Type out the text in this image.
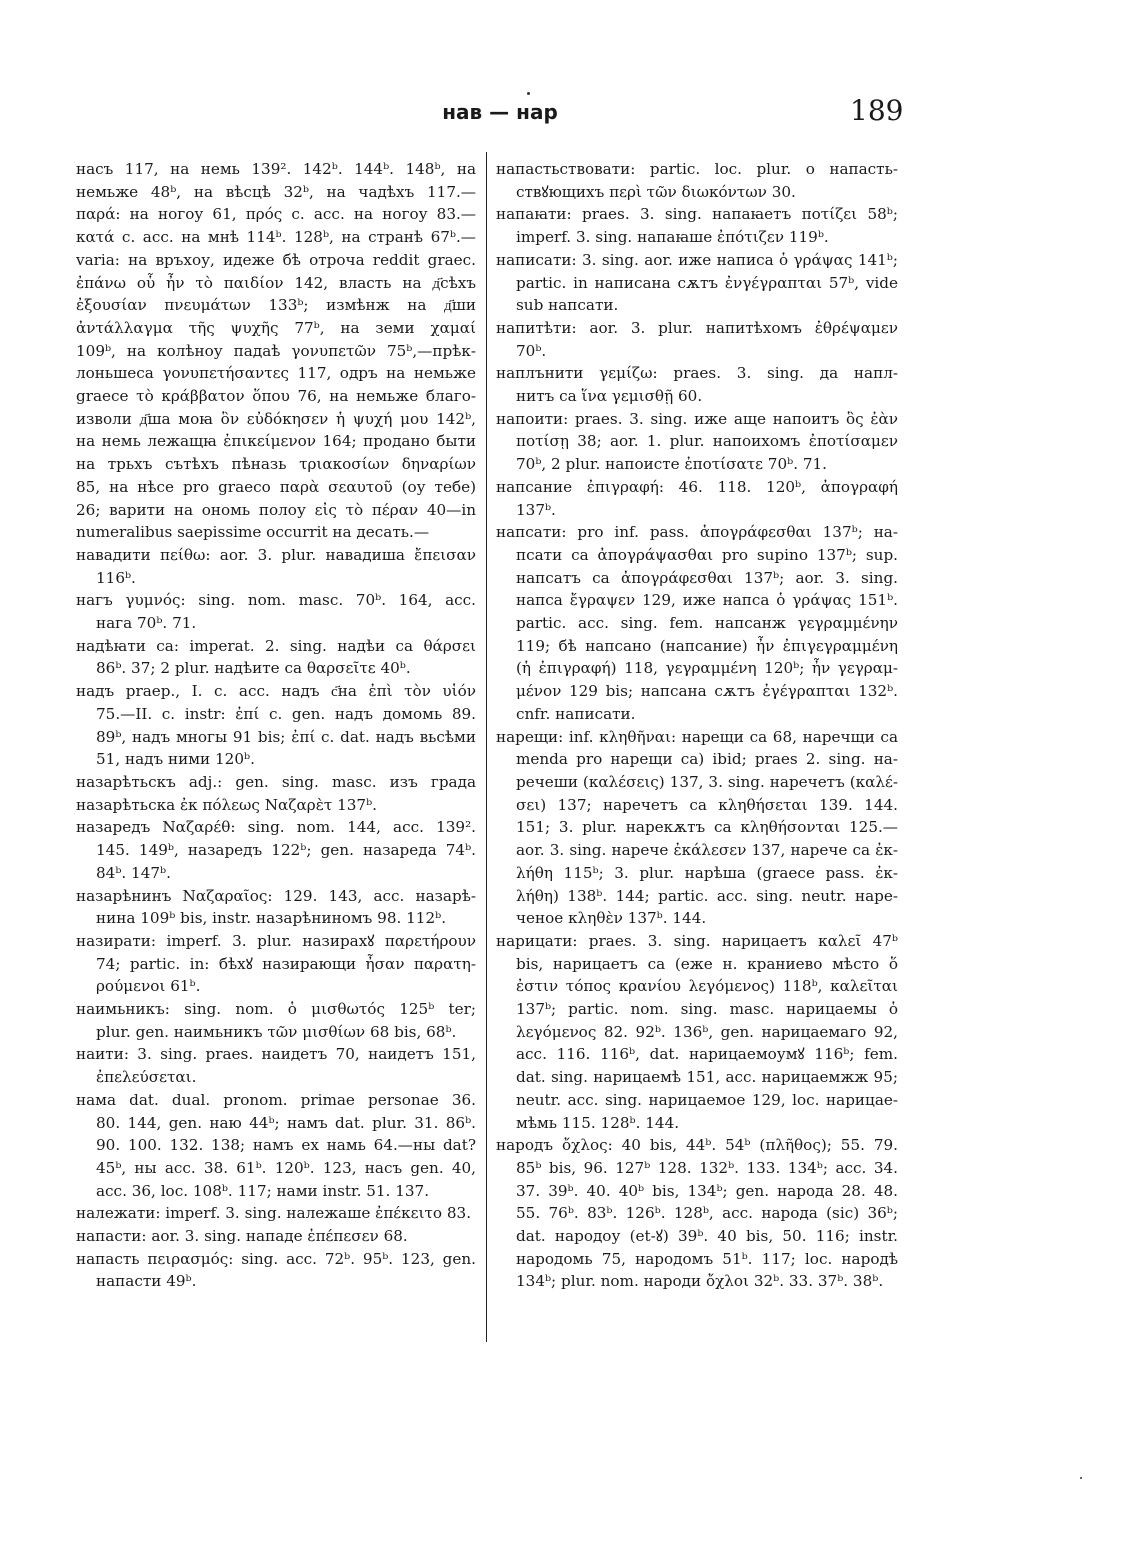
нав — нар	189
насъ 117, на немь 139². 142ᵇ. 144ᵇ. 148ᵇ, на
немьже 48ᵇ, на вѣсцѣ 32ᵇ, на чадѣхъ 117.—
παρά: на ногоу 61, πρός c. acc. на ногоу 83.—
κατά c. acc. на мнѣ 114ᵇ. 128ᵇ, на странѣ 67ᵇ.—
varia: на връхоу, идеже бѣ отроча reddit graec.
ἐπάνω οὗ ἦν τὸ παιδίον 142, власть на д҃сѣхъ
ἐξουσίαν πνευμάτων 133ᵇ; измѣнж на д҃ши
ἀντάλλαγμα τῆς ψυχῆς 77ᵇ, на земи χαμαί
109ᵇ, на колѣноу падаѣ γονυπετῶν 75ᵇ,—прѣк-
лоньшеса γονυπετήσαντες 117, одръ на немьже
graece τὸ κράββατον ὅπου 76, на немьже благо-
изволи д҃ша моꙗ ὃν εὐδόκησεν ἡ ψυχή μου 142ᵇ,
на немь лежащꙗ ἐπικείμενον 164; продано быти
на трьхъ сътѣхъ пѣназь τριακοσίων δηναρίων
85, на нѣсе pro graeco παρὰ σεαυτοῦ (оу тебе)
26; варити на ономь полоу εἰς τὸ πέραν 40—in
numeralibus saepissime occurrit на десать.—
навадити πείθω: aor. 3. plur. навадиша ἔπεισαν
116ᵇ.
нагъ γυμνός: sing. nom. masc. 70ᵇ. 164, acc.
нага 70ᵇ. 71.
надѣꙗти са: imperat. 2. sing. надѣи са θάρσει
86ᵇ. 37; 2 plur. надѣите са θαρσεῖτε 40ᵇ.
надъ praep., I. c. acc. надъ с҃на ἐπὶ τὸν υἱόν
75.—II. c. instr: ἐπί c. gen. надъ домомь 89.
89ᵇ, надъ многы 91 bis; ἐπί c. dat. надъ вьсѣми
51, надъ ними 120ᵇ.
назарѣтьскъ adj.: gen. sing. masc. изъ града
назарѣтьска ἐκ πόλεως Ναζαρὲτ 137ᵇ.
назаредъ Ναζαρέθ: sing. nom. 144, acc. 139².
145. 149ᵇ, назаредъ 122ᵇ; gen. назареда 74ᵇ.
84ᵇ. 147ᵇ.
назарѣнинъ Ναζαραῖος: 129. 143, acc. назарѣ-
нина 109ᵇ bis, instr. назарѣниномъ 98. 112ᵇ.
назирати: imperf. 3. plur. назирахꙋ παρετήρουν
74; partic. in: бѣхꙋ назирающи ἦσαν παρατη-
ρούμενοι 61ᵇ.
наимьникъ: sing. nom. ὁ μισθωτός 125ᵇ ter;
plur. gen. наимьникъ τῶν μισθίων 68 bis, 68ᵇ.
наити: 3. sing. praes. наидетъ 70, наидетъ 151,
ἐπελεύσεται.
нама dat. dual. pronom. primae personae 36.
80. 144, gen. наю 44ᵇ; намъ dat. plur. 31. 86ᵇ.
90. 100. 132. 138; намъ ex намь 64.—ны dat?
45ᵇ, ны acc. 38. 61ᵇ. 120ᵇ. 123, насъ gen. 40,
acc. 36, loc. 108ᵇ. 117; нами instr. 51. 137.
належати: imperf. 3. sing. належаше ἐπέκειτο 83.
напасти: aor. 3. sing. нападе ἐπέπεσεν 68.
напасть πειρασμός: sing. acc. 72ᵇ. 95ᵇ. 123, gen.
напасти 49ᵇ.
напастьствовати: partic. loc. plur. о напасть-
ствꙋющихъ περὶ τῶν διωκόντων 30.
напаꙗти: praes. 3. sing. напаꙗетъ ποτίζει 58ᵇ;
imperf. 3. sing. напаꙗше ἐπότιζεν 119ᵇ.
написати: 3. sing. aor. иже написа ὁ γράψας 141ᵇ;
partic. in написана сѫтъ ἐνγέγραπται 57ᵇ, vide
sub напсати.
напитѣти: aor. 3. plur. напитѣхомъ ἐθρέψαμεν
70ᵇ.
наплънити γεμίζω: praes. 3. sing. да напл-
нитъ са ἵνα γεμισθῇ 60.
напоити: praes. 3. sing. иже аще напоитъ ὃς ἐὰν
ποτίσῃ 38; aor. 1. plur. напоихомъ ἐποτίσαμεν
70ᵇ, 2 plur. напоисте ἐποτίσατε 70ᵇ. 71.
напсание ἐπιγραφή: 46. 118. 120ᵇ, ἀπογραφή
137ᵇ.
напсати: pro inf. pass. ἀπογράφεσθαι 137ᵇ; на-
псати са ἀπογράψασθαι pro supino 137ᵇ; sup.
напсатъ са ἀπογράφεσθαι 137ᵇ; aor. 3. sing.
напса ἔγραψεν 129, иже напса ὁ γράψας 151ᵇ.
partic. acc. sing. fem. напсанж γεγραμμένην
119; бѣ напсано (напсание) ἦν ἐπιγεγραμμένη
(ἡ ἐπιγραφή) 118, γεγραμμένη 120ᵇ; ἦν γεγραμ-
μένον 129 bis; напсана сѫтъ ἐγέγραπται 132ᵇ.
cnfr. написати.
нарещи: inf. κληθῆναι: нарещи са 68, наречщи са
menda pro нарещи са) ibid; praes 2. sing. на-
речеши (καλέσεις) 137, 3. sing. наречетъ (καλέ-
σει) 137; наречетъ са κληθήσεται 139. 144.
151; 3. plur. нарекѫтъ са κληθήσονται 125.—
aor. 3. sing. нарече ἐκάλεσεν 137, нарече са ἐκ-
λήθη 115ᵇ; 3. plur. нарѣша (graece pass. ἐκ-
λήθη) 138ᵇ. 144; partic. acc. sing. neutr. наре-
ченое κληθὲν 137ᵇ. 144.
нарицати: praes. 3. sing. нарицаетъ καλεῖ 47ᵇ
bis, нарицаетъ са (еже н. краниево мѣсто ὅ
ἐστιν τόπος κρανίου λεγόμενος) 118ᵇ, καλεῖται
137ᵇ; partic. nom. sing. masc. нарицаемы ὁ
λεγόμενος 82. 92ᵇ. 136ᵇ, gen. нарицаемаго 92,
acc. 116. 116ᵇ, dat. нарицаемоумꙋ 116ᵇ; fem.
dat. sing. нарицаемѣ 151, acc. нарицаемжж 95;
neutr. acc. sing. нарицаемое 129, loc. нарицае-
мѣмь 115. 128ᵇ. 144.
народъ ὄχλος: 40 bis, 44ᵇ. 54ᵇ (πλῆθος); 55. 79.
85ᵇ bis, 96. 127ᵇ 128. 132ᵇ. 133. 134ᵇ; acc. 34.
37. 39ᵇ. 40. 40ᵇ bis, 134ᵇ; gen. народа 28. 48.
55. 76ᵇ. 83ᵇ. 126ᵇ. 128ᵇ, acc. народа (sic) 36ᵇ;
dat. народоу (et-ꙋ) 39ᵇ. 40 bis, 50. 116; instr.
народомь 75, народомъ 51ᵇ. 117; loc. народѣ
134ᵇ; plur. nom. народи ὄχλοι 32ᵇ. 33. 37ᵇ. 38ᵇ.
